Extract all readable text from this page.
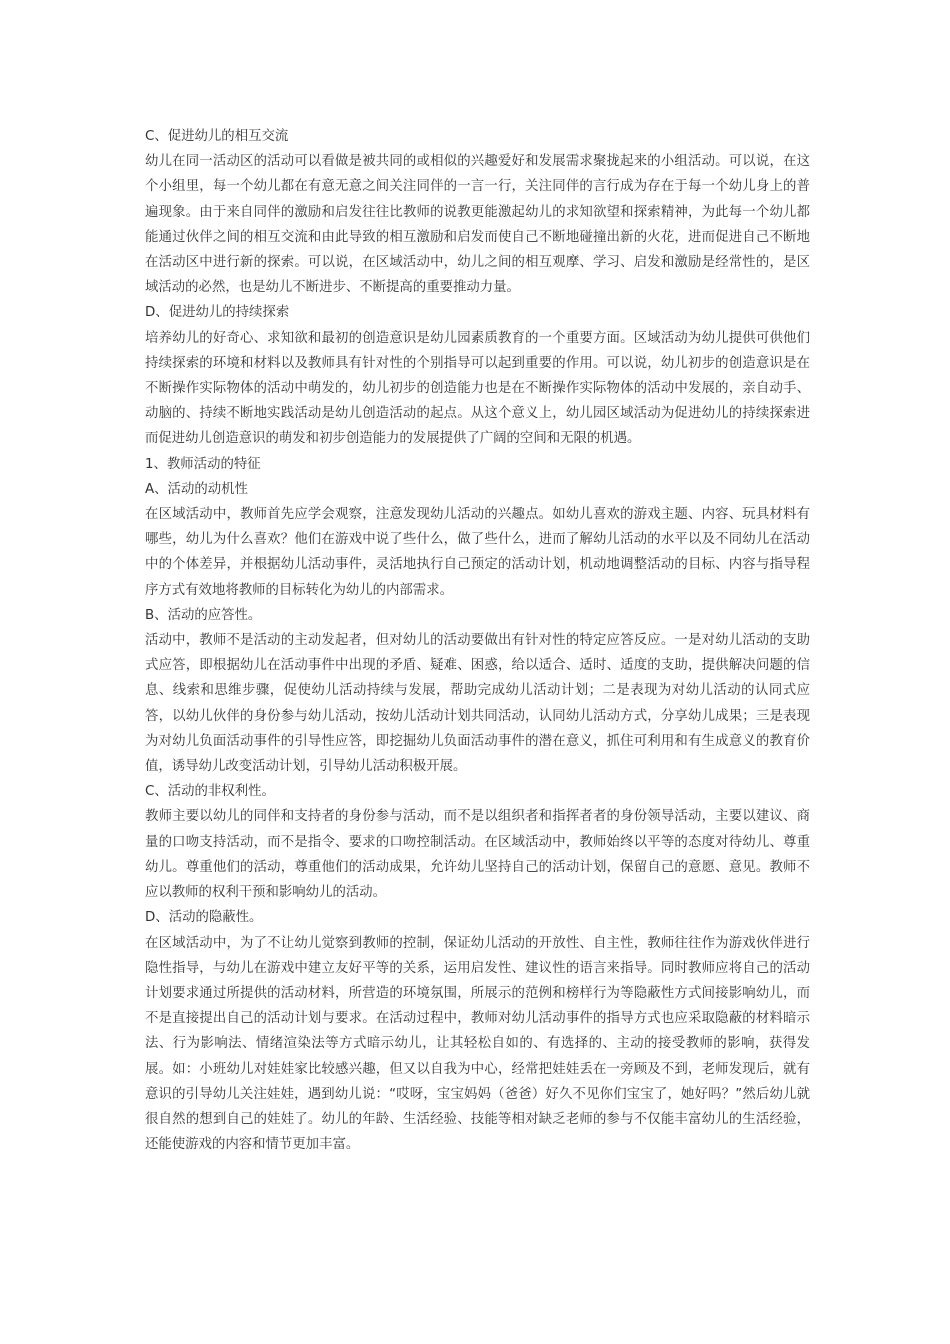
C、促进幼儿的相互交流

幼儿在同一活动区的活动可以看做是被共同的或相似的兴趣爱好和发展需求聚拢起来的小组活动。可以说，在这个小组里，每一个幼儿都在有意无意之间关注同伴的一言一行，关注同伴的言行成为存在于每一个幼儿身上的普遍现象。由于来自同伴的激励和启发往往比教师的说教更能激起幼儿的求知欲望和探索精神，为此每一个幼儿都能通过伙伴之间的相互交流和由此导致的相互激励和启发而使自己不断地碰撞出新的火花，进而促进自己不断地在活动区中进行新的探索。可以说，在区域活动中，幼儿之间的相互观摩、学习、启发和激励是经常性的，是区域活动的必然，也是幼儿不断进步、不断提高的重要推动力量。

D、促进幼儿的持续探索

培养幼儿的好奇心、求知欲和最初的创造意识是幼儿园素质教育的一个重要方面。区域活动为幼儿提供可供他们持续探索的环境和材料以及教师具有针对性的个别指导可以起到重要的作用。可以说，幼儿初步的创造意识是在不断操作实际物体的活动中萌发的，幼儿初步的创造能力也是在不断操作实际物体的活动中发展的，亲自动手、动脑的、持续不断地实践活动是幼儿创造活动的起点。从这个意义上，幼儿园区域活动为促进幼儿的持续探索进而促进幼儿创造意识的萌发和初步创造能力的发展提供了广阔的空间和无限的机遇。

1、教师活动的特征

A、活动的动机性

在区域活动中，教师首先应学会观察，注意发现幼儿活动的兴趣点。如幼儿喜欢的游戏主题、内容、玩具材料有哪些，幼儿为什么喜欢？他们在游戏中说了些什么，做了些什么，进而了解幼儿活动的水平以及不同幼儿在活动中的个体差异，并根据幼儿活动事件，灵活地执行自己预定的活动计划，机动地调整活动的目标、内容与指导程序方式有效地将教师的目标转化为幼儿的内部需求。

B、活动的应答性。

活动中，教师不是活动的主动发起者，但对幼儿的活动要做出有针对性的特定应答反应。一是对幼儿活动的支助式应答，即根据幼儿在活动事件中出现的矛盾、疑难、困惑，给以适合、适时、适度的支助，提供解决问题的信息、线索和思维步骤，促使幼儿活动持续与发展，帮助完成幼儿活动计划；二是表现为对幼儿活动的认同式应答，以幼儿伙伴的身份参与幼儿活动，按幼儿活动计划共同活动，认同幼儿活动方式，分享幼儿成果；三是表现为对幼儿负面活动事件的引导性应答，即挖掘幼儿负面活动事件的潜在意义，抓住可利用和有生成意义的教育价值，诱导幼儿改变活动计划，引导幼儿活动积极开展。

C、活动的非权利性。

教师主要以幼儿的同伴和支持者的身份参与活动，而不是以组织者和指挥者者的身份领导活动，主要以建议、商量的口吻支持活动，而不是指令、要求的口吻控制活动。在区域活动中，教师始终以平等的态度对待幼儿、尊重幼儿。尊重他们的活动，尊重他们的活动成果，允许幼儿坚持自己的活动计划，保留自己的意愿、意见。教师不应以教师的权利干预和影响幼儿的活动。

D、活动的隐蔽性。

在区域活动中，为了不让幼儿觉察到教师的控制，保证幼儿活动的开放性、自主性，教师往往作为游戏伙伴进行隐性指导，与幼儿在游戏中建立友好平等的关系，运用启发性、建议性的语言来指导。同时教师应将自己的活动计划要求通过所提供的活动材料，所营造的环境氛围，所展示的范例和榜样行为等隐蔽性方式间接影响幼儿，而不是直接提出自己的活动计划与要求。在活动过程中，教师对幼儿活动事件的指导方式也应采取隐蔽的材料暗示法、行为影响法、情绪渲染法等方式暗示幼儿，让其轻松自如的、有选择的、主动的接受教师的影响，获得发展。如：小班幼儿对娃娃家比较感兴趣，但又以自我为中心，经常把娃娃丢在一旁顾及不到，老师发现后，就有意识的引导幼儿关注娃娃，遇到幼儿说：“哎呀，宝宝妈妈（爸爸）好久不见你们宝宝了，她好吗？”然后幼儿就很自然的想到自己的娃娃了。幼儿的年龄、生活经验、技能等相对缺乏老师的参与不仅能丰富幼儿的生活经验，还能使游戏的内容和情节更加丰富。
